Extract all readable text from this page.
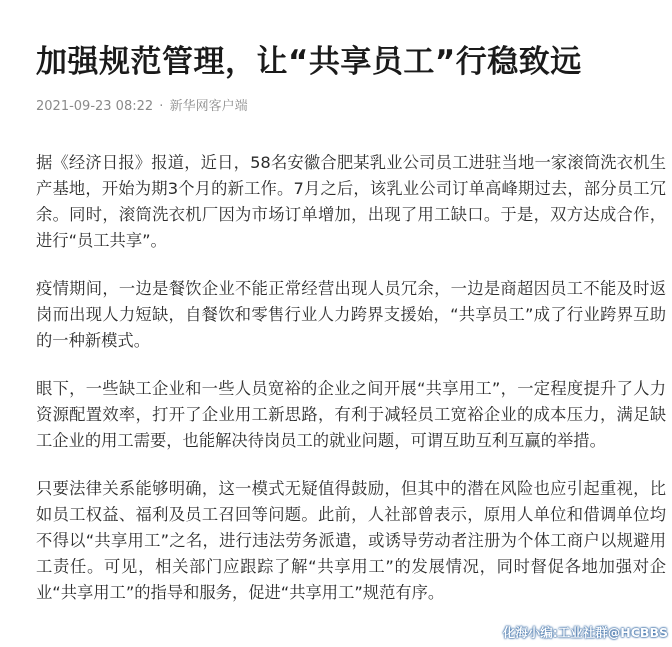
加强规范管理，让“共享员工”行稳致远
2021-09-23 08:22 · 新华网客户端

据《经济日报》报道，近日，58名安徽合肥某乳业公司员工进驻当地一家滚筒洗衣机生产基地，开始为期3个月的新工作。7月之后，该乳业公司订单高峰期过去，部分员工冗余。同时，滚筒洗衣机厂因为市场订单增加，出现了用工缺口。于是，双方达成合作，进行“员工共享”。

疫情期间，一边是餐饮企业不能正常经营出现人员冗余，一边是商超因员工不能及时返岗而出现人力短缺，自餐饮和零售行业人力跨界支援始，“共享员工”成了行业跨界互助的一种新模式。

眼下，一些缺工企业和一些人员宽裕的企业之间开展“共享用工”，一定程度提升了人力资源配置效率，打开了企业用工新思路，有利于减轻员工宽裕企业的成本压力，满足缺工企业的用工需要，也能解决待岗员工的就业问题，可谓互助互利互赢的举措。

只要法律关系能够明确，这一模式无疑值得鼓励，但其中的潜在风险也应引起重视，比如员工权益、福利及员工召回等问题。此前，人社部曾表示，原用人单位和借调单位均不得以“共享用工”之名，进行违法劳务派遣，或诱导劳动者注册为个体工商户以规避用工责任。可见，相关部门应跟踪了解“共享用工”的发展情况，同时督促各地加强对企业“共享用工”的指导和服务，促进“共享用工”规范有序。

化海小编:工业社群@HCBBS
